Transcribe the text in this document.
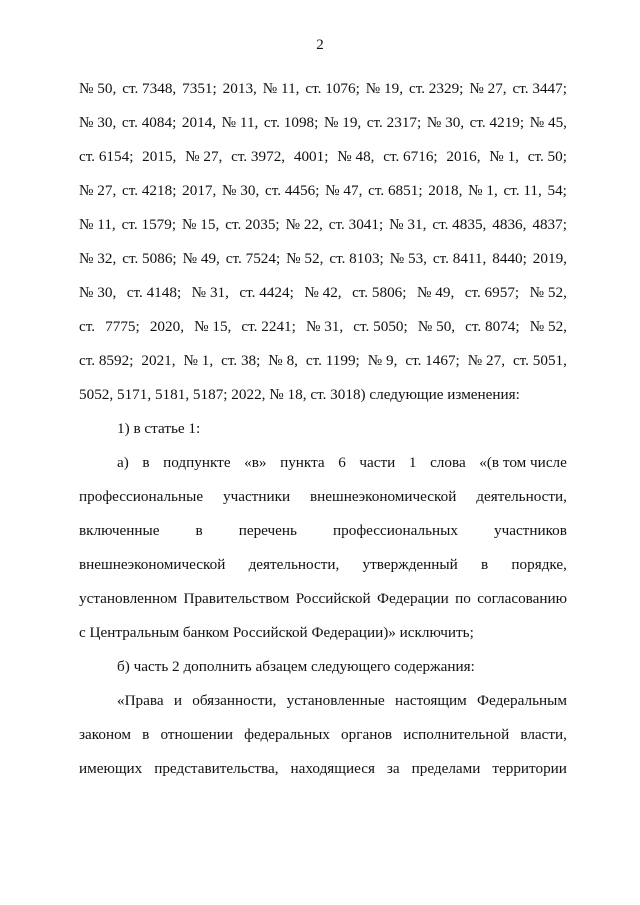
2
№ 50, ст. 7348, 7351; 2013, № 11, ст. 1076; № 19, ст. 2329; № 27, ст. 3447;
№ 30, ст. 4084; 2014, № 11, ст. 1098; № 19, ст. 2317; № 30, ст. 4219; № 45,
ст. 6154; 2015, № 27, ст. 3972, 4001; № 48, ст. 6716; 2016, № 1, ст. 50;
№ 27, ст. 4218; 2017, № 30, ст. 4456; № 47, ст. 6851; 2018, № 1, ст. 11, 54;
№ 11, ст. 1579; № 15, ст. 2035; № 22, ст. 3041; № 31, ст. 4835, 4836, 4837;
№ 32, ст. 5086; № 49, ст. 7524; № 52, ст. 8103; № 53, ст. 8411, 8440; 2019,
№ 30, ст. 4148; № 31, ст. 4424; № 42, ст. 5806; № 49, ст. 6957; № 52,
ст. 7775; 2020, № 15, ст. 2241; № 31, ст. 5050; № 50, ст. 8074; № 52,
ст. 8592; 2021, № 1, ст. 38; № 8, ст. 1199; № 9, ст. 1467; № 27, ст. 5051,
5052, 5171, 5181, 5187; 2022, № 18, ст. 3018) следующие изменения:
1) в статье 1:
а) в подпункте «в» пункта 6 части 1 слова «(в том числе
профессиональные участники внешнеэкономической деятельности,
включенные в перечень профессиональных участников
внешнеэкономической деятельности, утвержденный в порядке,
установленном Правительством Российской Федерации по согласованию
с Центральным банком Российской Федерации)» исключить;
б) часть 2 дополнить абзацем следующего содержания:
«Права и обязанности, установленные настоящим Федеральным
законом в отношении федеральных органов исполнительной власти,
имеющих представительства, находящиеся за пределами территории
